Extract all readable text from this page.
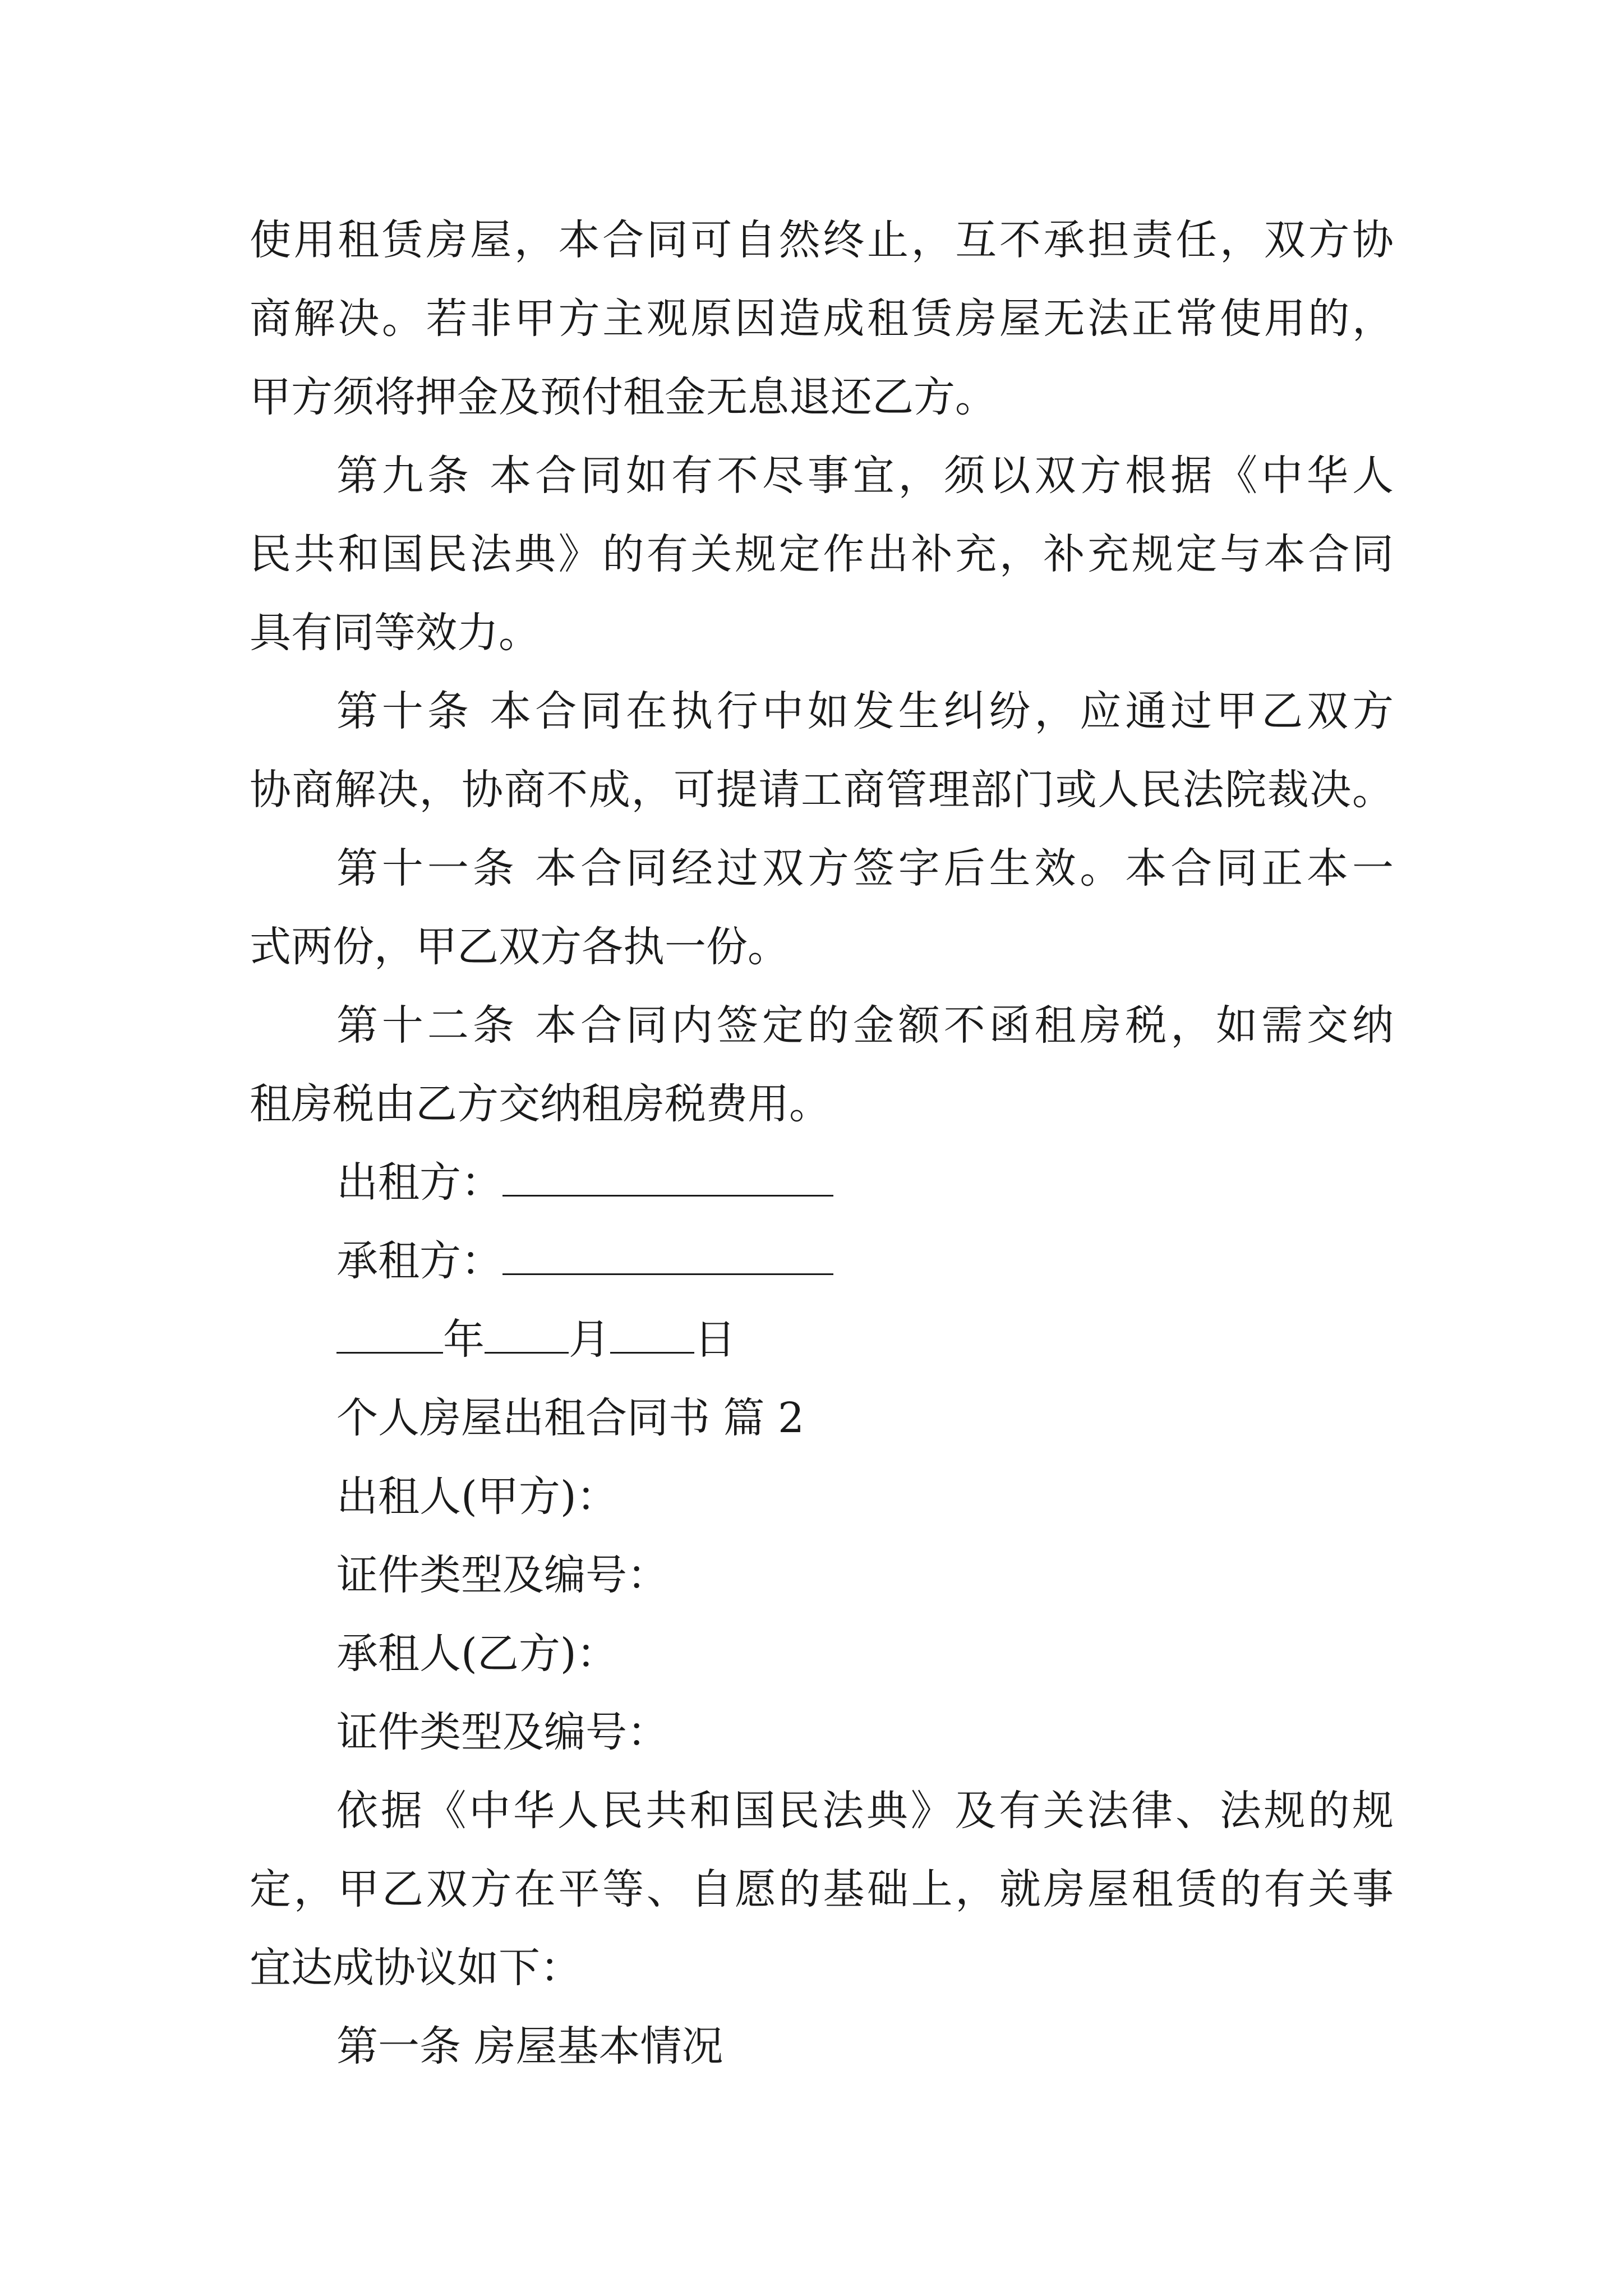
使用租赁房屋，本合同可自然终止，互不承担责任，双方协
商解决。若非甲方主观原因造成租赁房屋无法正常使用的，
甲方须将押金及预付租金无息退还乙方。
第九条 本合同如有不尽事宜，须以双方根据《中华人
民共和国民法典》的有关规定作出补充，补充规定与本合同
具有同等效力。
第十条 本合同在执行中如发生纠纷，应通过甲乙双方
协商解决，协商不成，可提请工商管理部门或人民法院裁决。
第十一条 本合同经过双方签字后生效。本合同正本一
式两份，甲乙双方各执一份。
第十二条 本合同内签定的金额不函租房税，如需交纳
租房税由乙方交纳租房税费用。
出租方：
承租方：
年 月 日
个人房屋出租合同书 篇 2
出租人(甲方)：
证件类型及编号：
承租人(乙方)：
证件类型及编号：
依据《中华人民共和国民法典》及有关法律、法规的规
定，甲乙双方在平等、自愿的基础上，就房屋租赁的有关事
宜达成协议如下：
第一条 房屋基本情况
